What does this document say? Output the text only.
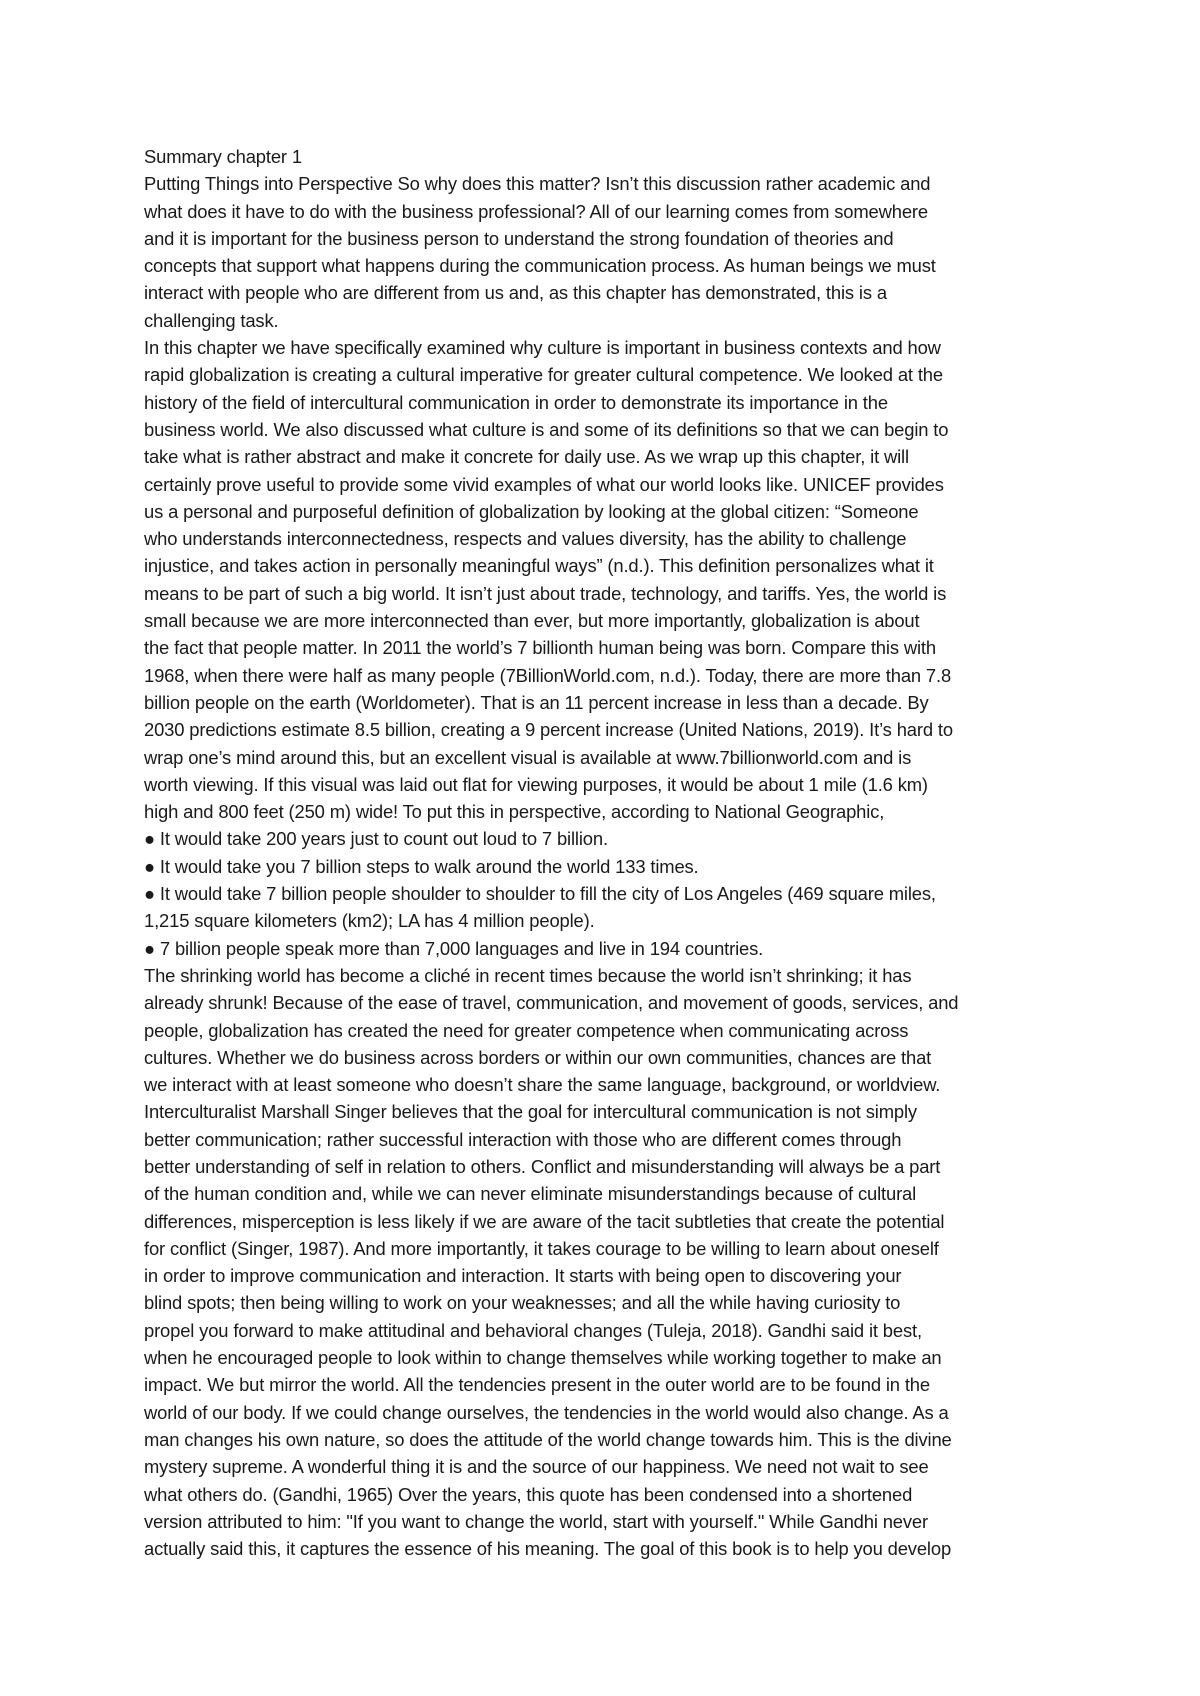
Summary chapter 1
Putting Things into Perspective So why does this matter? Isn’t this discussion rather academic and
what does it have to do with the business professional? All of our learning comes from somewhere
and it is important for the business person to understand the strong foundation of theories and
concepts that support what happens during the communication process. As human beings we must
interact with people who are different from us and, as this chapter has demonstrated, this is a
challenging task.
In this chapter we have specifically examined why culture is important in business contexts and how
rapid globalization is creating a cultural imperative for greater cultural competence. We looked at the
history of the field of intercultural communication in order to demonstrate its importance in the
business world. We also discussed what culture is and some of its definitions so that we can begin to
take what is rather abstract and make it concrete for daily use. As we wrap up this chapter, it will
certainly prove useful to provide some vivid examples of what our world looks like. UNICEF provides
us a personal and purposeful definition of globalization by looking at the global citizen: “Someone
who understands interconnectedness, respects and values diversity, has the ability to challenge
injustice, and takes action in personally meaningful ways” (n.d.). This definition personalizes what it
means to be part of such a big world. It isn’t just about trade, technology, and tariffs. Yes, the world is
small because we are more interconnected than ever, but more importantly, globalization is about
the fact that people matter. In 2011 the world’s 7 billionth human being was born. Compare this with
1968, when there were half as many people (7BillionWorld.com, n.d.). Today, there are more than 7.8
billion people on the earth (Worldometer). That is an 11 percent increase in less than a decade. By
2030 predictions estimate 8.5 billion, creating a 9 percent increase (United Nations, 2019). It’s hard to
wrap one’s mind around this, but an excellent visual is available at www.7billionworld.com and is
worth viewing. If this visual was laid out flat for viewing purposes, it would be about 1 mile (1.6 km)
high and 800 feet (250 m) wide! To put this in perspective, according to National Geographic,
● It would take 200 years just to count out loud to 7 billion.
● It would take you 7 billion steps to walk around the world 133 times.
● It would take 7 billion people shoulder to shoulder to fill the city of Los Angeles (469 square miles,
1,215 square kilometers (km2); LA has 4 million people).
● 7 billion people speak more than 7,000 languages and live in 194 countries.
The shrinking world has become a cliché in recent times because the world isn’t shrinking; it has
already shrunk! Because of the ease of travel, communication, and movement of goods, services, and
people, globalization has created the need for greater competence when communicating across
cultures. Whether we do business across borders or within our own communities, chances are that
we interact with at least someone who doesn’t share the same language, background, or worldview.
Interculturalist Marshall Singer believes that the goal for intercultural communication is not simply
better communication; rather successful interaction with those who are different comes through
better understanding of self in relation to others. Conflict and misunderstanding will always be a part
of the human condition and, while we can never eliminate misunderstandings because of cultural
differences, misperception is less likely if we are aware of the tacit subtleties that create the potential
for conflict (Singer, 1987). And more importantly, it takes courage to be willing to learn about oneself
in order to improve communication and interaction. It starts with being open to discovering your
blind spots; then being willing to work on your weaknesses; and all the while having curiosity to
propel you forward to make attitudinal and behavioral changes (Tuleja, 2018). Gandhi said it best,
when he encouraged people to look within to change themselves while working together to make an
impact. We but mirror the world. All the tendencies present in the outer world are to be found in the
world of our body. If we could change ourselves, the tendencies in the world would also change. As a
man changes his own nature, so does the attitude of the world change towards him. This is the divine
mystery supreme. A wonderful thing it is and the source of our happiness. We need not wait to see
what others do. (Gandhi, 1965) Over the years, this quote has been condensed into a shortened
version attributed to him: "If you want to change the world, start with yourself." While Gandhi never
actually said this, it captures the essence of his meaning. The goal of this book is to help you develop
